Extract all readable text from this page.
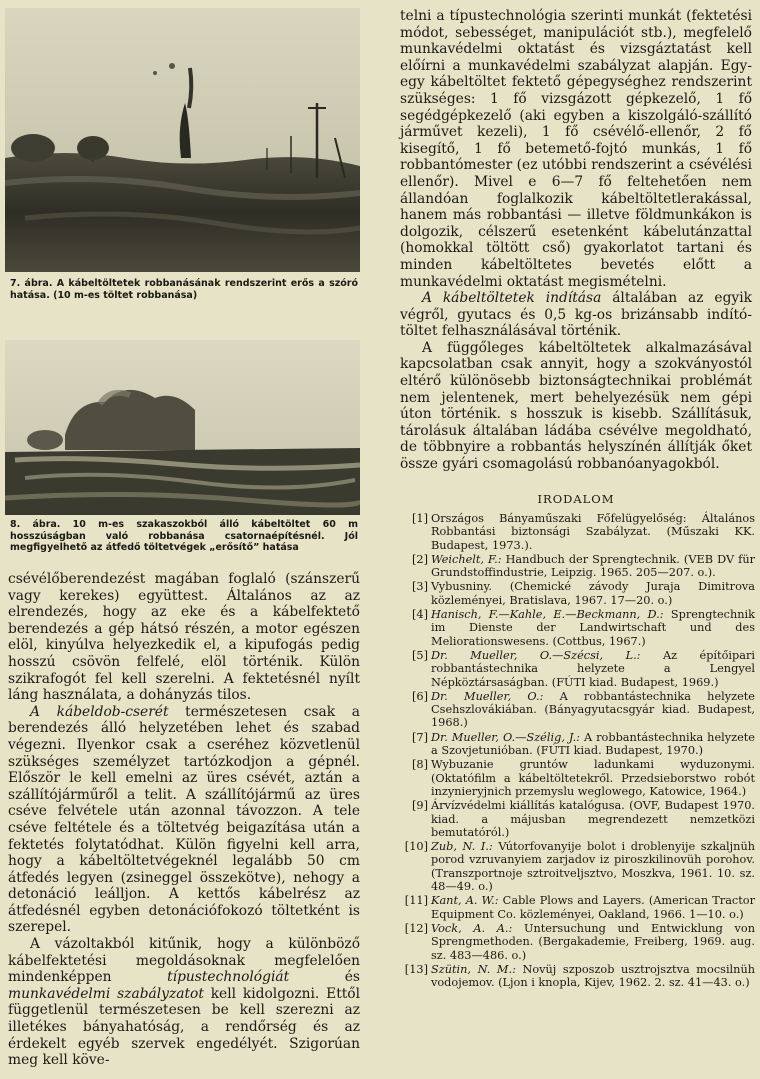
7. ábra. A kábeltöltetek robbanásának rendszerint erős a szóró hatása. (10 m-es töltet robbanása)
8. ábra. 10 m-es szakaszokból álló kábeltöltet 60 m hosszúságban való robbanása csatornaépítésnél. Jól megfigyelhető az átfedő töltetvégek „erősítő” hatása

csévélőberendezést magában foglaló (szánszerű vagy kerekes) együttest. Általános az az elrendezés, hogy az eke és a kábelfektető berendezés a gép hátsó részén, a motor egészen elöl, kinyúlva helyezkedik el, a kipufogás pedig hosszú csövön felfelé, elöl történik. Külön szikrafogót fel kell szerelni. A fektetésnél nyílt láng használata, a dohányzás tilos.

A kábeldob-cserét természetesen csak a berendezés álló helyzetében lehet és szabad végezni. Ilyenkor csak a cseréhez közvetlenül szükséges személyzet tartózkodjon a gépnél. Először le kell emelni az üres csévét, aztán a szállítójárműről a telit. A szállítójármű az üres cséve felvétele után azonnal távozzon. A tele cséve feltétele és a töltetvég beigazítása után a fektetés folytatódhat. Külön figyelni kell arra, hogy a kábeltöltetvégeknél legalább 50 cm átfedés legyen (zsineggel összekötve), nehogy a detonáció leálljon. A kettős kábelrész az átfedésnél egyben detonációfokozó töltetként is szerepel.

A vázoltakból kitűnik, hogy a különböző kábelfektetési megoldásoknak megfelelően mindenképpen típustechnológiát és munkavédelmi szabályzatot kell kidolgozni. Ettől függetlenül természetesen be kell szerezni az illetékes bányahatóság, a rendőrség és az érdekelt egyéb szervek engedélyét. Szigorúan meg kell köve-

telni a típustechnológia szerinti munkát (fektetési módot, sebességet, manipulációt stb.), megfelelő munkavédelmi oktatást és vizsgáztatást kell előírni a munkavédelmi szabályzat alapján. Egy-egy kábeltöltet fektető gépegységhez rendszerint szükséges: 1 fő vizsgázott gépkezelő, 1 fő segédgépkezelő (aki egyben a kiszolgáló-szállító járművet kezeli), 1 fő csévélő-ellenőr, 2 fő kisegítő, 1 fő betemető-fojtó munkás, 1 fő robbantómester (ez utóbbi rendszerint a csévélési ellenőr). Mivel e 6—7 fő feltehetően nem állandóan foglalkozik kábeltöltetlerakással, hanem más robbantási — illetve földmunkákon is dolgozik, célszerű esetenként kábelutánzattal (homokkal töltött cső) gyakorlatot tartani és minden kábeltöltetes bevetés előtt a munkavédelmi oktatást megismételni.

A kábeltöltetek indítása általában az egyik végről, gyutacs és 0,5 kg-os brizánsabb indító-töltet felhasználásával történik.

A függőleges kábeltöltetek alkalmazásával kapcsolatban csak annyit, hogy a szokványostól eltérő különösebb biztonságtechnikai problémát nem jelentenek, mert behelyezésük nem gépi úton történik. s hosszuk is kisebb. Szállításuk, tárolásuk általában ládába csévélve megoldható, de többnyire a robbantás helyszínén állítják őket össze gyári csomagolású robbanóanyagokból.

IRODALOM
[1] Országos Bányaműszaki Főfelügyelőség: Általános Robbantási biztonsági Szabályzat. (Műszaki KK. Budapest, 1973.).
[2] Weichelt, F.: Handbuch der Sprengtechnik. (VEB DV für Grundstoffindustrie, Leipzig. 1965. 205—207. o.).
[3] Vybusniny. (Chemické závody Juraja Dimitrova közleményei, Bratislava, 1967. 17—20. o.)
[4] Hanisch, F.—Kahle, E.—Beckmann, D.: Sprengtechnik im Dienste der Landwirtschaft und des Meliorationswesens. (Cottbus, 1967.)
[5] Dr. Mueller, O.—Szécsi, L.: Az építőipari robbantástechnika helyzete a Lengyel Népköztársaságban. (FÚTI kiad. Budapest, 1969.)
[6] Dr. Mueller, O.: A robbantástechnika helyzete Csehszlovákiában. (Bányagyutacsgyár kiad. Budapest, 1968.)
[7] Dr. Mueller, O.—Szélig, J.: A robbantástechnika helyzete a Szovjetunióban. (FÚTI kiad. Budapest, 1970.)
[8] Wybuzanie gruntów ladunkami wyduzonymi. (Oktatófilm a kábeltöltetekről. Przedsieborstwo robót inzynieryjnich przemyslu weglowego, Katowice, 1964.)
[9] Árvízvédelmi kiállítás katalógusa. (OVF, Budapest 1970. kiad. a májusban megrendezett nemzetközi bemutatóról.)
[10] Zub, N. I.: Vútorfovanyije bolot i droblenyije szkaljnüh porod vzruvanyiem zarjadov iz piroszkilinovüh porohov. (Transzportnoje sztroitveljsztvo, Moszkva, 1961. 10. sz. 48—49. o.)
[11] Kant, A. W.: Cable Plows and Layers. (American Tractor Equipment Co. közleményei, Oakland, 1966. 1—10. o.)
[12] Vock, A. A.: Untersuchung und Entwicklung von Sprengmethoden. (Bergakademie, Freiberg, 1969. aug. sz. 483—486. o.)
[13] Szütin, N. M.: Novüj szposzob usztrojsztva mocsilnüh vodojemov. (Ljon i knopla, Kijev, 1962. 2. sz. 41—43. o.)
